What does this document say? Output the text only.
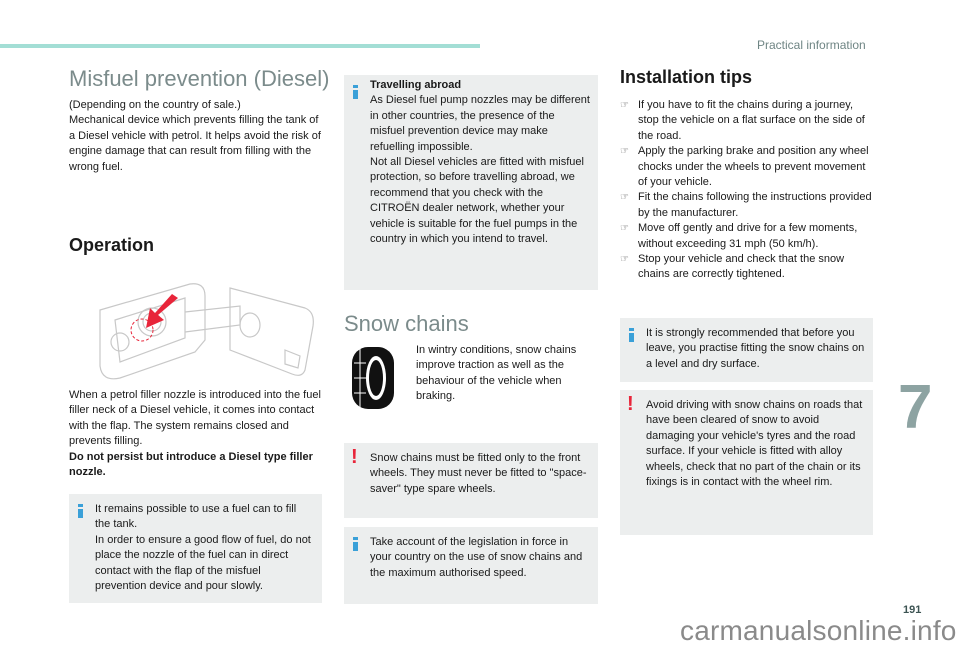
Practical information
Misfuel prevention (Diesel)
(Depending on the country of sale.)
Mechanical device which prevents filling the tank of a Diesel vehicle with petrol. It helps avoid the risk of engine damage that can result from filling with the wrong fuel.
Operation
When a petrol filler nozzle is introduced into the fuel filler neck of a Diesel vehicle, it comes into contact with the flap. The system remains closed and prevents filling.
Do not persist but introduce a Diesel type filler nozzle.
It remains possible to use a fuel can to fill the tank.
In order to ensure a good flow of fuel, do not place the nozzle of the fuel can in direct contact with the flap of the misfuel prevention device and pour slowly.
Travelling abroad
As Diesel fuel pump nozzles may be different in other countries, the presence of the misfuel prevention device may make refuelling impossible.
Not all Diesel vehicles are fitted with misfuel protection, so before travelling abroad, we recommend that you check with the CITROËN dealer network, whether your vehicle is suitable for the fuel pumps in the country in which you intend to travel.
Snow chains
In wintry conditions, snow chains improve traction as well as the behaviour of the vehicle when braking.
! Snow chains must be fitted only to the front wheels. They must never be fitted to "space-saver" type spare wheels.
Take account of the legislation in force in your country on the use of snow chains and the maximum authorised speed.
Installation tips
☞ If you have to fit the chains during a journey, stop the vehicle on a flat surface on the side of the road.
☞ Apply the parking brake and position any wheel chocks under the wheels to prevent movement of your vehicle.
☞ Fit the chains following the instructions provided by the manufacturer.
☞ Move off gently and drive for a few moments, without exceeding 31 mph (50 km/h).
☞ Stop your vehicle and check that the snow chains are correctly tightened.
It is strongly recommended that before you leave, you practise fitting the snow chains on a level and dry surface.
! Avoid driving with snow chains on roads that have been cleared of snow to avoid damaging your vehicle's tyres and the road surface. If your vehicle is fitted with alloy wheels, check that no part of the chain or its fixings is in contact with the wheel rim.
7
191
carmanualsonline.info
